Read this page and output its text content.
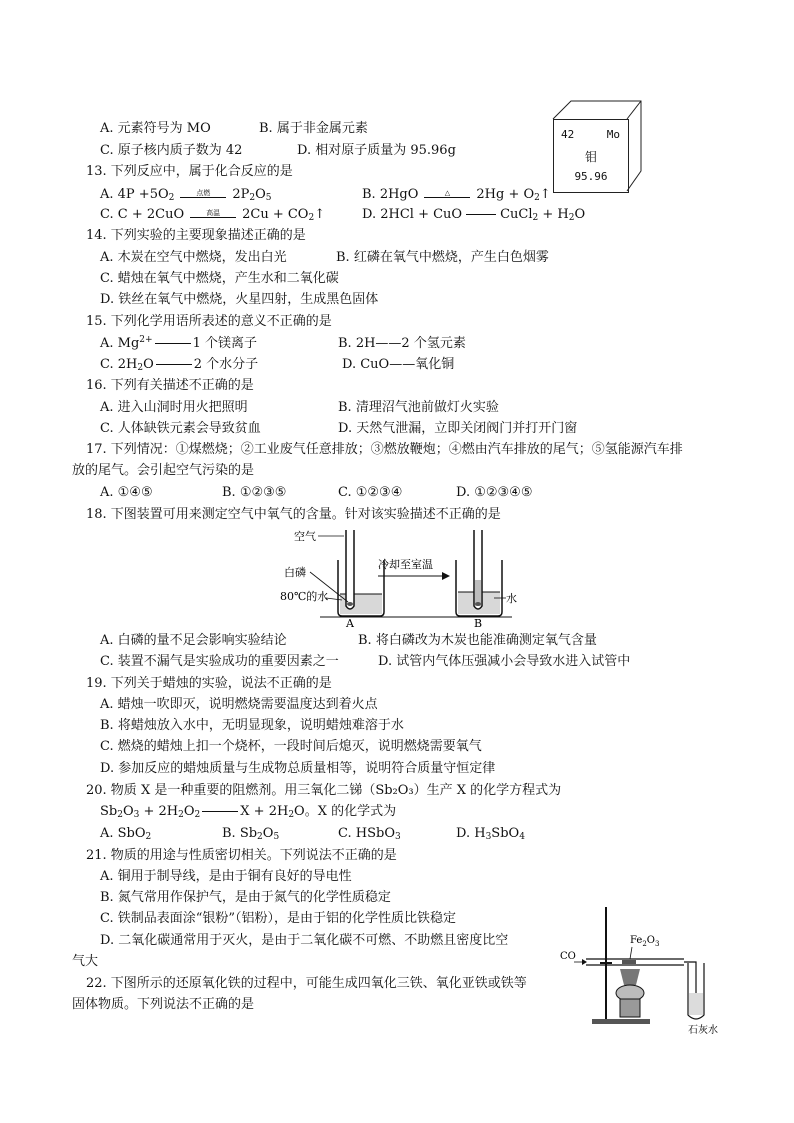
42	Mo
钼
95.96
A. 元素符号为 MO	B. 属于非金属元素
C. 原子核内质子数为 42	D. 相对原子质量为 95.96g
13. 下列反应中，属于化合反应的是
A. $4P +5O_2$
点燃	$2P_2O_5$	B. 2HgO	△	$2Hg + O_2↑$
C. C + 2CuO	高温	$2Cu + CO_2↑$	D. 2HCl + CuO	CuCl$_2$ + $H_2O$
14. 下列实验的主要现象描述正确的是
A. 木炭在空气中燃烧，发出白光	B. 红磷在氧气中燃烧，产生白色烟雾
C. 蜡烛在氧气中燃烧，产生水和二氧化碳
D. 铁丝在氧气中燃烧，火星四射，生成黑色固体
15. 下列化学用语所表述的意义不正确的是
A. $Mg^{2+}$	1 个镁离子	B. 2H——2 个氢元素
C. $2H_2O$	2 个水分子	D. CuO——氧化铜
16. 下列有关描述不正确的是
A. 进入山洞时用火把照明	B. 清理沼气池前做灯火实验
C. 人体缺铁元素会导致贫血	D. 天然气泄漏，立即关闭阀门并打开门窗
17. 下列情况：①煤燃烧；②工业废气任意排放；③燃放鞭炮；④燃由汽车排放的尾气；⑤氢能源汽车排
放的尾气。会引起空气污染的是
A. ①④⑤	B. ①②③⑤	C. ①②③④	D. ①②③④⑤
18. 下图装置可用来测定空气中氧气的含量。针对该实验描述不正确的是
空气
白磷
80℃的水
A
冷却至室温
水
B
A. 白磷的量不足会影响实验结论	B. 将白磷改为木炭也能准确测定氧气含量
C. 装置不漏气是实验成功的重要因素之一	D. 试管内气体压强减小会导致水进入试管中
19. 下列关于蜡烛的实验，说法不正确的是
A. 蜡烛一吹即灭，说明燃烧需要温度达到着火点
B. 将蜡烛放入水中，无明显现象，说明蜡烛难溶于水
C. 燃烧的蜡烛上扣一个烧杯，一段时间后熄灭，说明燃烧需要氧气
D. 参加反应的蜡烛质量与生成物总质量相等，说明符合质量守恒定律
20. 物质 X 是一种重要的阻燃剂。用三氧化二锑（Sb₂O₃）生产 X 的化学方程式为
$Sb_2O_3 + 2H_2O_2$	$X + 2H_2O$。X 的化学式为
A. SbO$_2$	B. $Sb_2O_5$	C. HSbO$_3$	D. $H_3SbO_4$
21. 物质的用途与性质密切相关。下列说法不正确的是
A. 铜用于制导线，是由于铜有良好的导电性
B. 氮气常用作保护气，是由于氮气的化学性质稳定
C. 铁制品表面涂“银粉”（铝粉），是由于铝的化学性质比铁稳定
D. 二氧化碳通常用于灭火，是由于二氧化碳不可燃、不助燃且密度比空
气大
22. 下图所示的还原氧化铁的过程中，可能生成四氧化三铁、氧化亚铁或铁等
固体物质。下列说法不正确的是
CO
$Fe_2O_3$
石灰水
